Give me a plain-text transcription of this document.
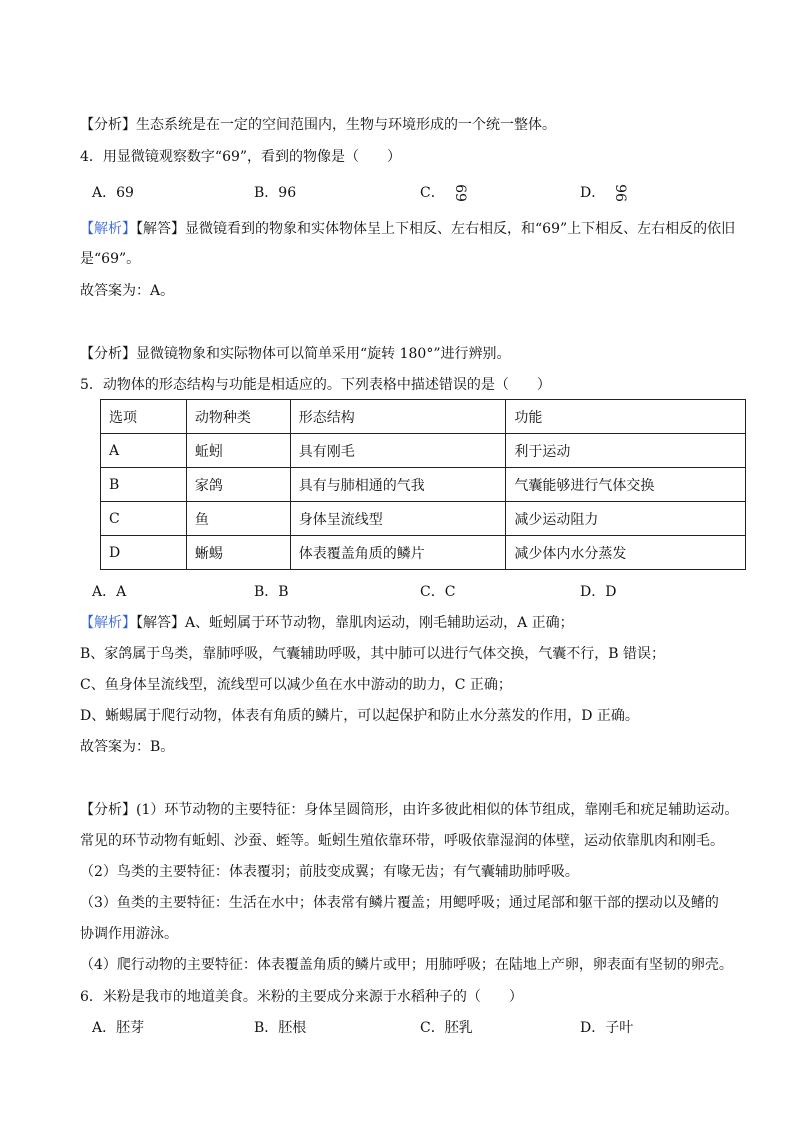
【分析】生态系统是在一定的空间范围内，生物与环境形成的一个统一整体。
4．用显微镜观察数字“69”，看到的物像是（　　）
A．69	B．96	C． 69	D． 96
【解析】【解答】显微镜看到的物象和实体物体呈上下相反、左右相反，和“69”上下相反、左右相反的依旧
是“69”。
故答案为：A。
【分析】显微镜物象和实际物体可以简单采用“旋转 180°”进行辨别。
5．动物体的形态结构与功能是相适应的。下列表格中描述错误的是（　　）
选项	动物种类	形态结构	功能
A	蚯蚓	具有刚毛	利于运动
B	家鸽	具有与肺相通的气我	气囊能够进行气体交换
C	鱼	身体呈流线型	减少运动阻力
D	蜥蜴	体表覆盖角质的鳞片	减少体内水分蒸发
A．A	B．B	C．C	D．D
【解析】【解答】A、蚯蚓属于环节动物，靠肌肉运动，刚毛辅助运动，A 正确；
B、家鸽属于鸟类，靠肺呼吸，气囊辅助呼吸，其中肺可以进行气体交换，气囊不行，B 错误；
C、鱼身体呈流线型，流线型可以减少鱼在水中游动的助力，C 正确；
D、蜥蜴属于爬行动物，体表有角质的鳞片，可以起保护和防止水分蒸发的作用，D 正确。
故答案为：B。
【分析】(1）环节动物的主要特征：身体呈圆筒形，由许多彼此相似的体节组成，靠刚毛和疣足辅助运动。
常见的环节动物有蚯蚓、沙蚕、蛭等。蚯蚓生殖依靠环带，呼吸依靠湿润的体壁，运动依靠肌肉和刚毛。
（2）鸟类的主要特征：体表覆羽；前肢变成翼；有喙无齿；有气囊辅助肺呼吸。
（3）鱼类的主要特征：生活在水中；体表常有鳞片覆盖；用鳃呼吸；通过尾部和躯干部的摆动以及鳍的
协调作用游泳。
（4）爬行动物的主要特征：体表覆盖角质的鳞片或甲；用肺呼吸；在陆地上产卵，卵表面有坚韧的卵壳。
6．米粉是我市的地道美食。米粉的主要成分来源于水稻种子的（　　）
A．胚芽	B．胚根	C．胚乳	D．子叶
